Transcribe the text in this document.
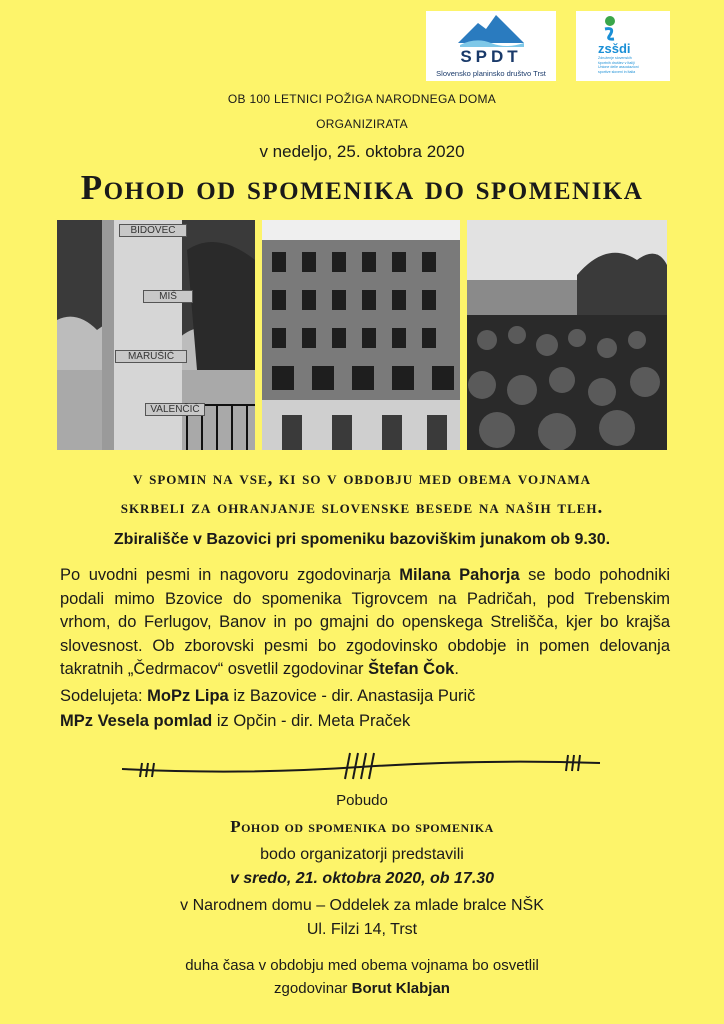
SPDT
Slovensko planinsko društvo Trst
zsšdi
Združenje slovenskih
športnih društev v Italiji
Unione delle associazioni
sportive sloveni in Italia
OB 100 LETNICI POŽIGA NARODNEGA DOMA
ORGANIZIRATA
v nedeljo, 25. oktobra 2020
Pohod od spomenika do spomenika
BIDOVEC
MIŠ
MARUŠIČ
VALENČIČ
v spomin na vse, ki so v obdobju med obema vojnama
skrbeli za ohranjanje slovenske besede na naših tleh.
Zbirališče v Bazovici pri spomeniku bazoviškim junakom ob 9.30.
Po uvodni pesmi in nagovoru zgodovinarja Milana Pahorja se bodo pohodniki podali mimo Bzovice do spomenika Tigrovcem na Padričah, pod Trebenskim vrhom, do Ferlugov, Banov in po gmajni do openskega Strelišča, kjer bo krajša slovesnost. Ob zborovski pesmi bo zgodovinsko obdobje in pomen delovanja takratnih „Čedrmacov“ osvetlil zgodovinar Štefan Čok.
Sodelujeta: MoPz Lipa iz Bazovice - dir. Anastasija Purič
MPz Vesela pomlad iz Opčin - dir. Meta Praček
Pobudo
Pohod od spomenika do spomenika
bodo organizatorji predstavili
v sredo, 21. oktobra 2020, ob 17.30
v Narodnem domu – Oddelek za mlade bralce NŠK
Ul. Filzi 14, Trst
duha časa v obdobju med obema vojnama bo osvetlil
zgodovinar Borut Klabjan
